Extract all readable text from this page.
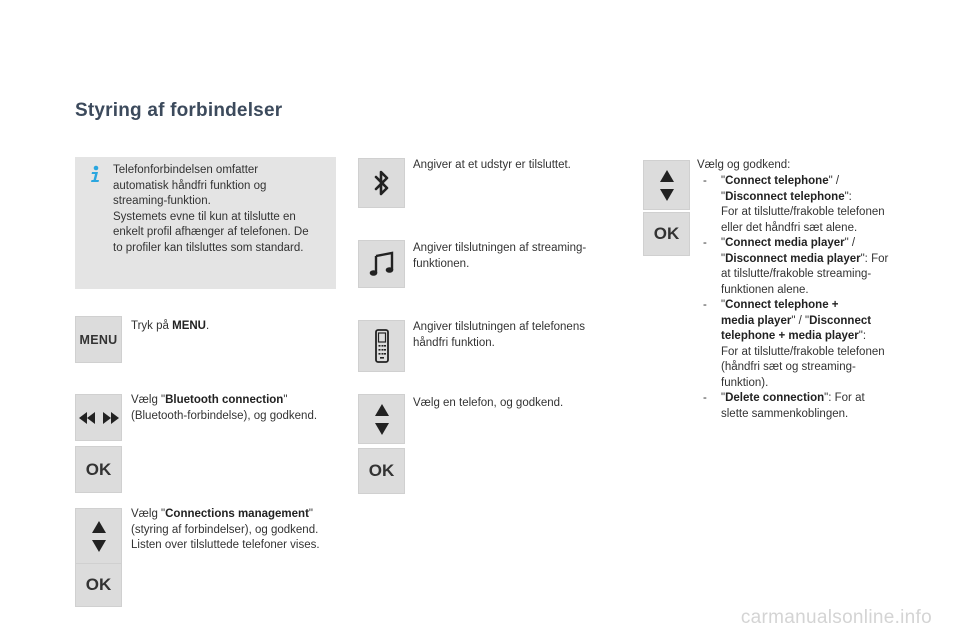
Styring af forbindelser
Telefonforbindelsen omfatter
automatisk håndfri funktion og
streaming-funktion.
Systemets evne til kun at tilslutte en
enkelt profil afhænger af telefonen. De
to profiler kan tilsluttes som standard.
MENU
Tryk på MENU.
Vælg "Bluetooth connection"
(Bluetooth-forbindelse), og godkend.
OK
Vælg "Connections management"
(styring af forbindelser), og godkend.
Listen over tilsluttede telefoner vises.
OK
Angiver at et udstyr er tilsluttet.
Angiver tilslutningen af streaming-
funktionen.
Angiver tilslutningen af telefonens
håndfri funktion.
Vælg en telefon, og godkend.
OK
OK
Vælg og godkend:
- "Connect telephone" /
"Disconnect telephone":
For at tilslutte/frakoble telefonen
eller det håndfri sæt alene.
- "Connect media player" /
"Disconnect media player": For
at tilslutte/frakoble streaming-
funktionen alene.
- "Connect telephone +
media player" / "Disconnect
telephone + media player":
For at tilslutte/frakoble telefonen
(håndfri sæt og streaming-
funktion).
- "Delete connection": For at
slette sammenkoblingen.
carmanualsonline.info
